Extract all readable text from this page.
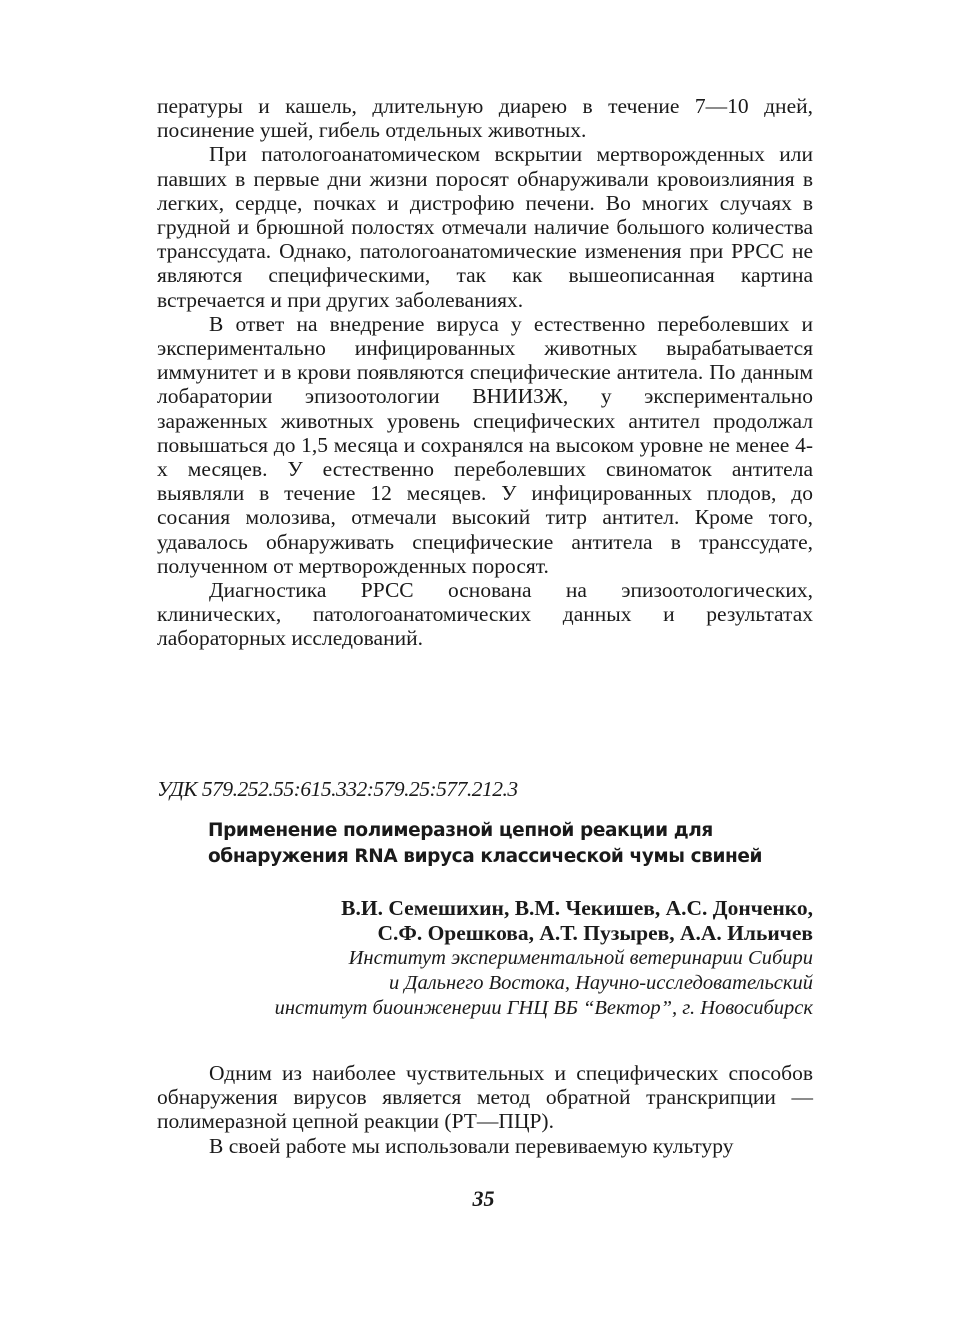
пературы и кашель, длительную диарею в течение 7—10 дней, посинение ушей, гибель отдельных животных.

При патологоанатомическом вскрытии мертворожденных или павших в первые дни жизни поросят обнаруживали кровоизлияния в легких, сердце, почках и дистрофию печени. Во многих случаях в грудной и брюшной полостях отмечали наличие большого количества транссудата. Однако, патологоанатомические изменения при РРСС не являются специфическими, так как вышеописанная картина встречается и при других заболеваниях.

В ответ на внедрение вируса у естественно переболевших и экспериментально инфицированных животных вырабатывается иммунитет и в крови появляются специфические антитела. По данным лобаратории эпизоотологии ВНИИЗЖ, у экспериментально зараженных животных уровень специфических антител продолжал повышаться до 1,5 месяца и сохранялся на высоком уровне не менее 4-х месяцев. У естественно переболевших свиноматок антитела выявляли в течение 12 месяцев. У инфицированных плодов, до сосания молозива, отмечали высокий титр антител. Кроме того, удавалось обнаруживать специфические антитела в транссудате, полученном от мертворожденных поросят.

Диагностика РРСС основана на эпизоотологических, клинических, патологоанатомических данных и результатах лабораторных исследований.

УДК 579.252.55:615.332:579.25:577.212.3
Применение полимеразной цепной реакции для
обнаружения RNA вируса классической чумы свиней
В.И. Семешихин, В.М. Чекишев, А.С. Донченко,
С.Ф. Орешкова, А.Т. Пузырев, А.А. Ильичев
Институт экспериментальной ветеринарии Сибири
и Дальнего Востока, Научно-исследовательский
институт биоинженерии ГНЦ ВБ “Вектор”, г. Новосибирск

Одним из наиболее чуствительных и специфических способов обнаружения вирусов является метод обратной транскрипции — полимеразной цепной реакции (РТ—ПЦР).

В своей работе мы использовали перевиваемую культуру

35
